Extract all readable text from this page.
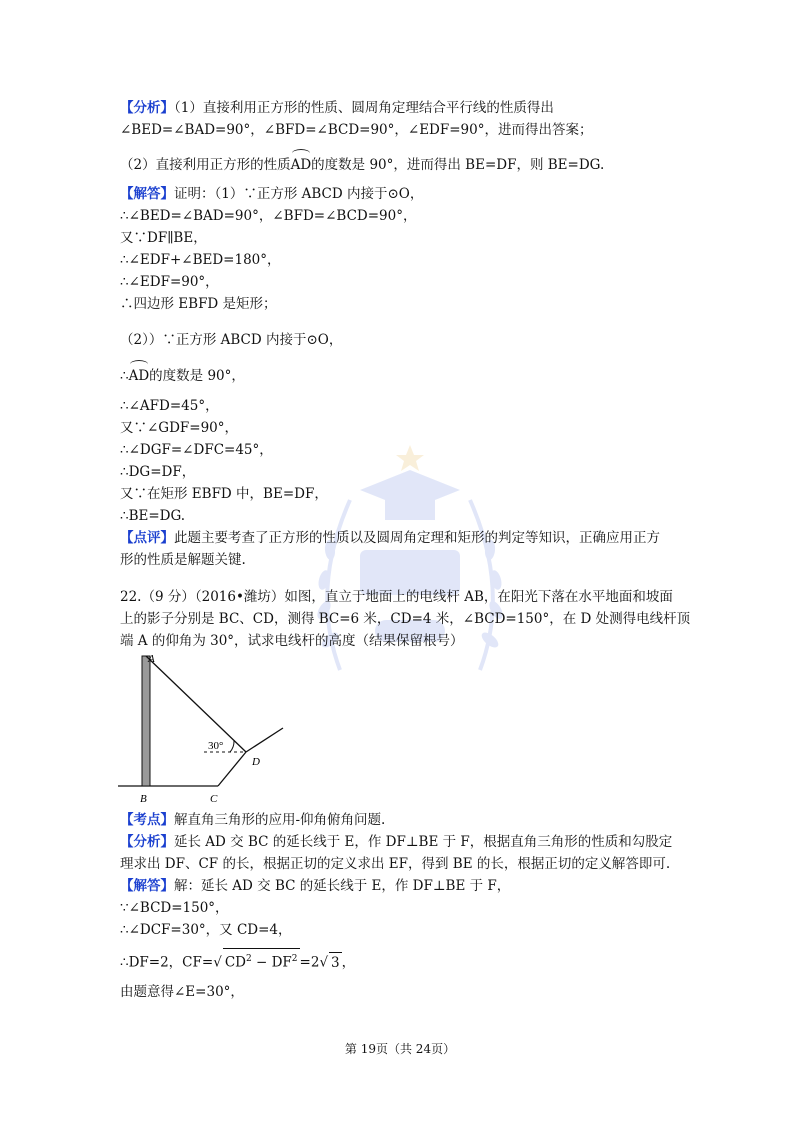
【分析】（1）直接利用正方形的性质、圆周角定理结合平行线的性质得出
∠BED=∠BAD=90°，∠BFD=∠BCD=90°，∠EDF=90°，进而得出答案；
（2）直接利用正方形的性质AD的度数是 90°，进而得出 BE=DF，则 BE=DG.
【解答】证明：（1）∵正方形 ABCD 内接于⊙O，
∴∠BED=∠BAD=90°，∠BFD=∠BCD=90°，
又∵DF∥BE，
∴∠EDF+∠BED=180°，
∴∠EDF=90°，
∴四边形 EBFD 是矩形；
（2））∵正方形 ABCD 内接于⊙O，
∴AD的度数是 90°，
∴∠AFD=45°，
又∵∠GDF=90°，
∴∠DGF=∠DFC=45°，
∴DG=DF，
又∵在矩形 EBFD 中，BE=DF，
∴BE=DG.
【点评】此题主要考查了正方形的性质以及圆周角定理和矩形的判定等知识，正确应用正方
形的性质是解题关键.
22.（9 分）（2016•潍坊）如图，直立于地面上的电线杆 AB，在阳光下落在水平地面和坡面
上的影子分别是 BC、CD，测得 BC=6 米，CD=4 米，∠BCD=150°，在 D 处测得电线杆顶
端 A 的仰角为 30°，试求电线杆的高度（结果保留根号）
A
B	C
D
30°
【考点】解直角三角形的应用-仰角俯角问题.
【分析】延长 AD 交 BC 的延长线于 E，作 DF⊥BE 于 F，根据直角三角形的性质和勾股定
理求出 DF、CF 的长，根据正切的定义求出 EF，得到 BE 的长，根据正切的定义解答即可.
【解答】解：延长 AD 交 BC 的延长线于 E，作 DF⊥BE 于 F，
∵∠BCD=150°，
∴∠DCF=30°，又 CD=4，
∴DF=2，CF=√ $CD^2 - DF^2 =2√$ 3 ，
由题意得∠E=30°，
第 19页（共 24页）
